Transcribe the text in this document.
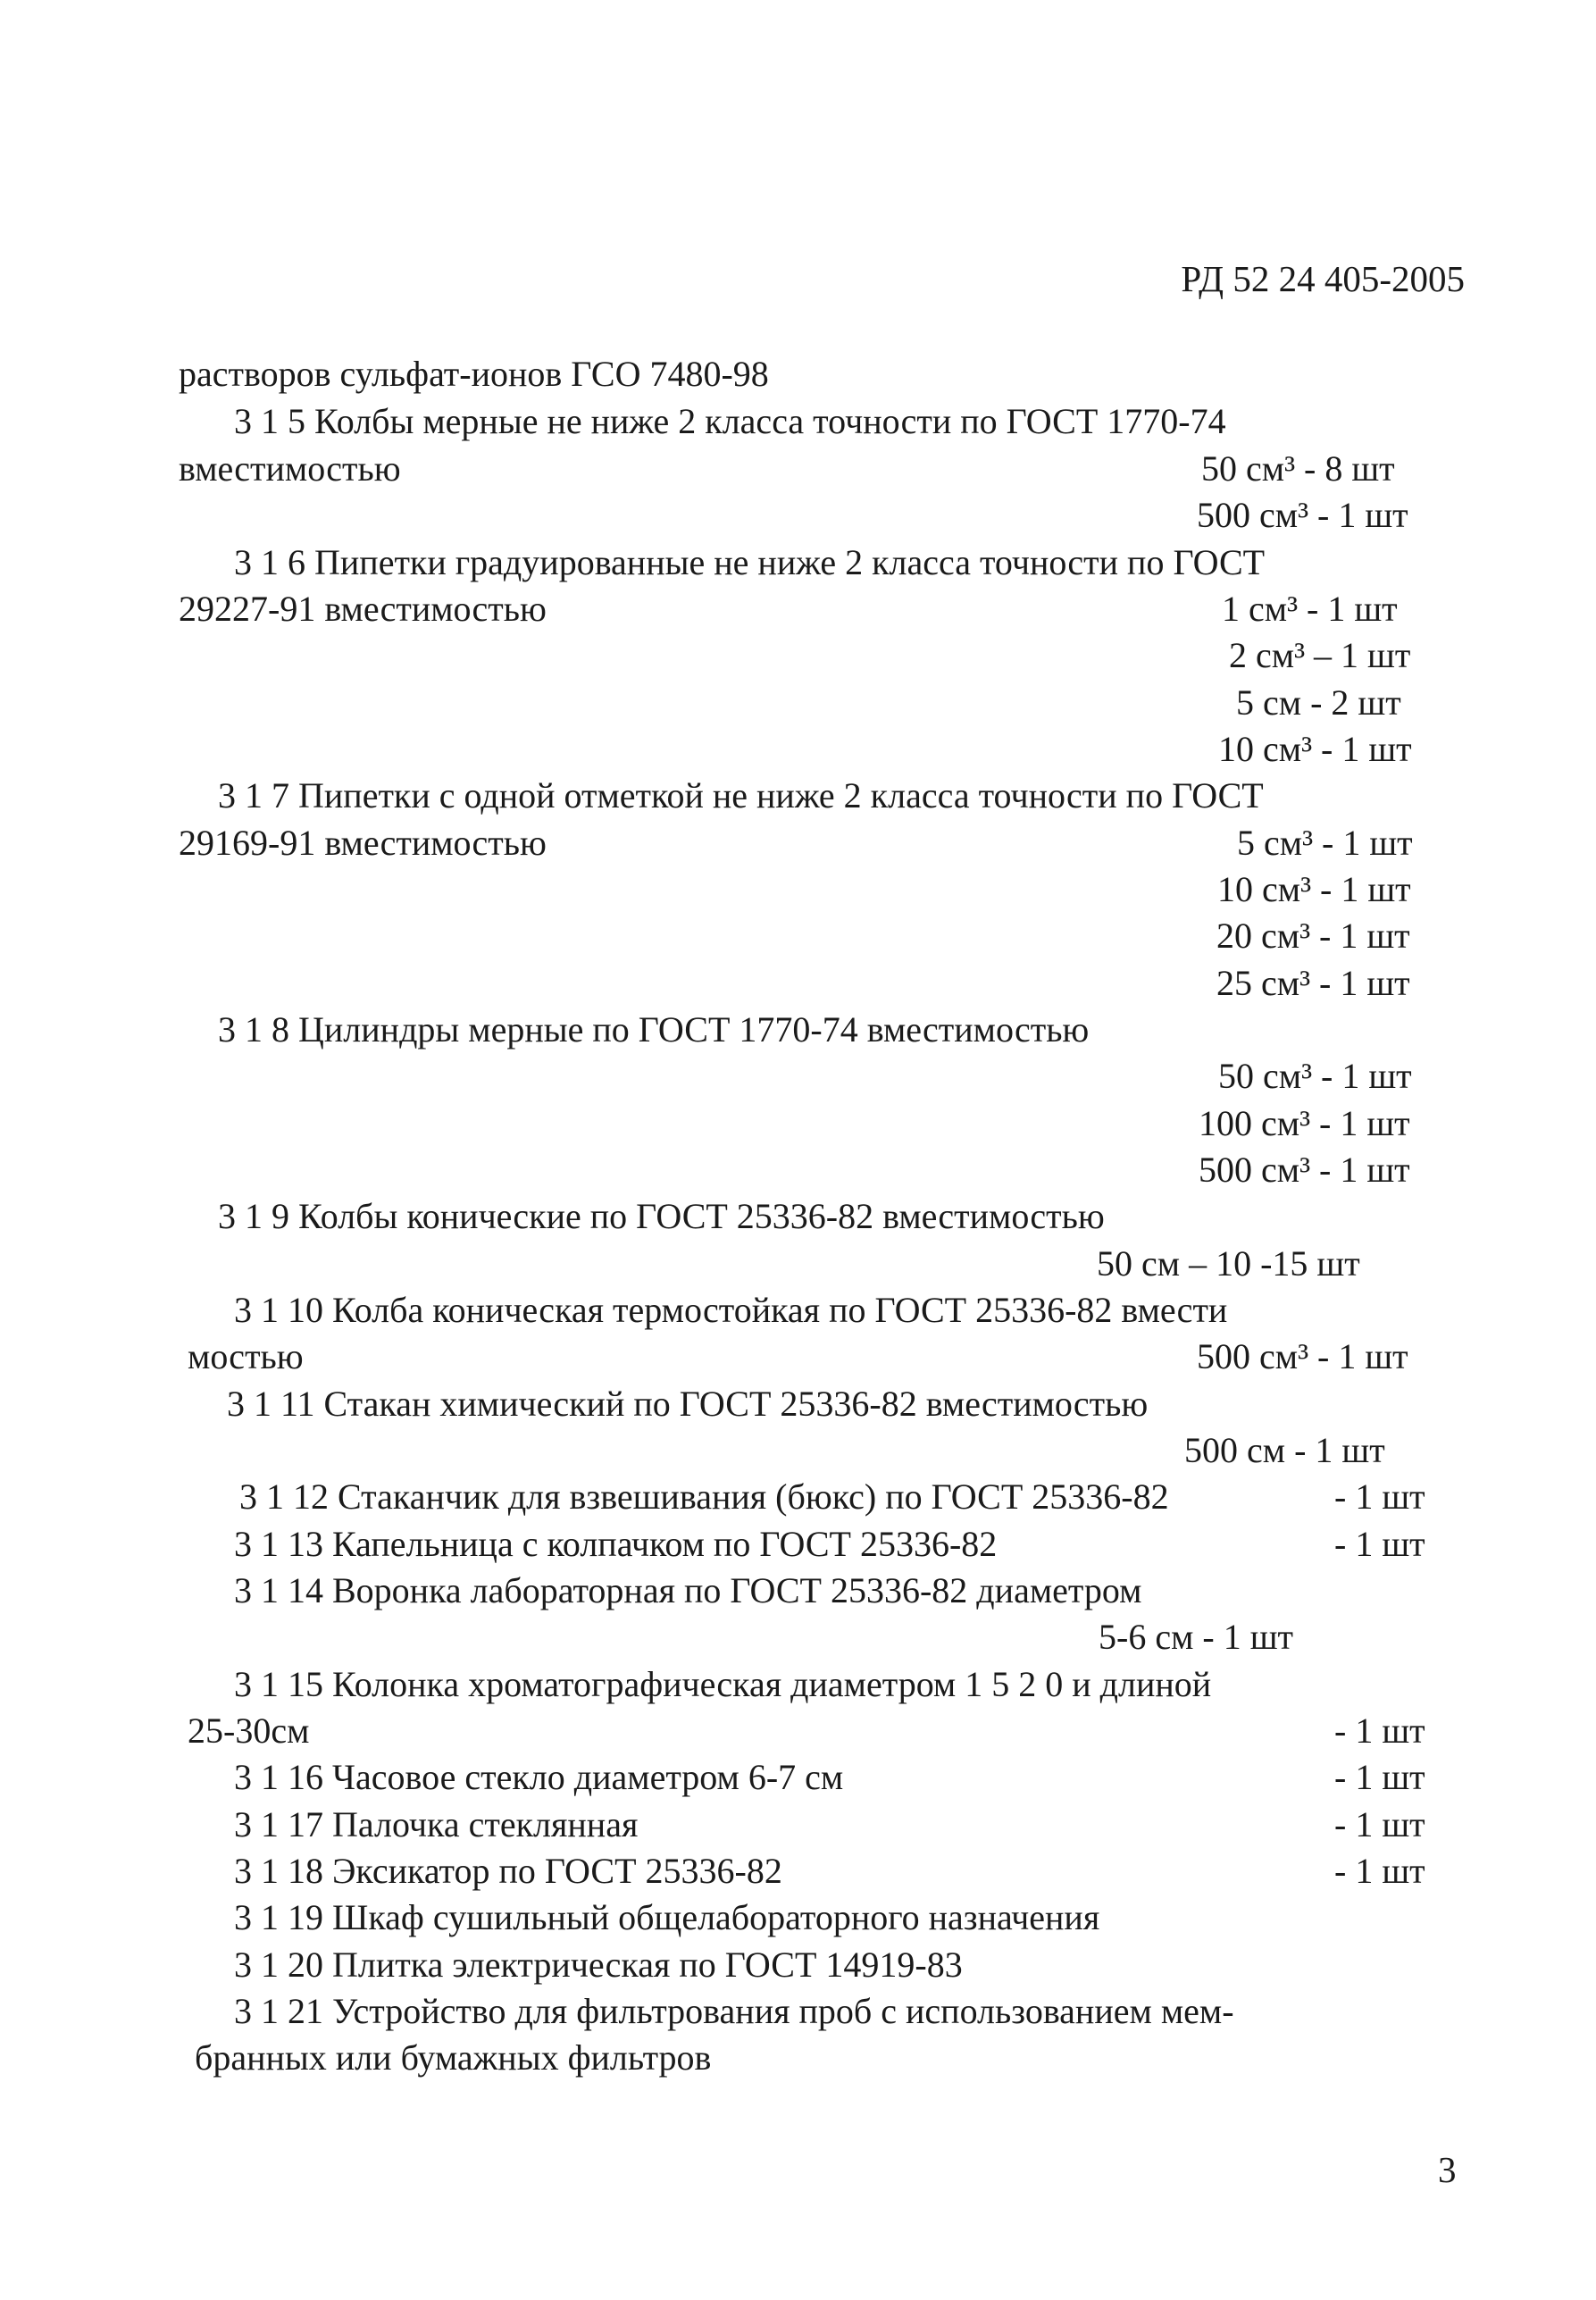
РД 52 24 405-2005
растворов сульфат-ионов ГСО 7480-98
3 1 5 Колбы мерные не ниже 2 класса точности по ГОСТ 1770-74
вместимостью	50 см³ - 8 шт
500 см³ - 1 шт
3 1 6 Пипетки градуированные не ниже 2 класса точности по ГОСТ
29227-91 вместимостью	1 см³ - 1 шт
2 см³ – 1 шт
5 см - 2 шт
10 см³ - 1 шт
3 1 7 Пипетки с одной отметкой не ниже 2 класса точности по ГОСТ
29169-91 вместимостью	5 см³ - 1 шт
10 см³ - 1 шт
20 см³ - 1 шт
25 см³ - 1 шт
3 1 8 Цилиндры мерные по ГОСТ 1770-74 вместимостью
50 см³ - 1 шт
100 см³ - 1 шт
500 см³ - 1 шт
3 1 9 Колбы конические по ГОСТ 25336-82 вместимостью
50 см – 10 -15 шт
3 1 10 Колба коническая термостойкая по ГОСТ 25336-82 вмести
мостью	500 см³ - 1 шт
3 1 11 Стакан химический по ГОСТ 25336-82 вместимостью
500 см - 1 шт
3 1 12 Стаканчик для взвешивания (бюкс) по ГОСТ 25336-82	- 1 шт
3 1 13 Капельница с колпачком по ГОСТ 25336-82	- 1 шт
3 1 14 Воронка лабораторная по ГОСТ 25336-82 диаметром
5-6 см - 1 шт
3 1 15 Колонка хроматографическая диаметром 1 5 2 0 и длиной
25-30см	- 1 шт
3 1 16 Часовое стекло диаметром 6-7 см	- 1 шт
3 1 17 Палочка стеклянная	- 1 шт
3 1 18 Эксикатор по ГОСТ 25336-82	- 1 шт
3 1 19 Шкаф сушильный общелабораторного назначения
3 1 20 Плитка электрическая по ГОСТ 14919-83
3 1 21 Устройство для фильтрования проб с использованием мем-
бранных или бумажных фильтров
3
